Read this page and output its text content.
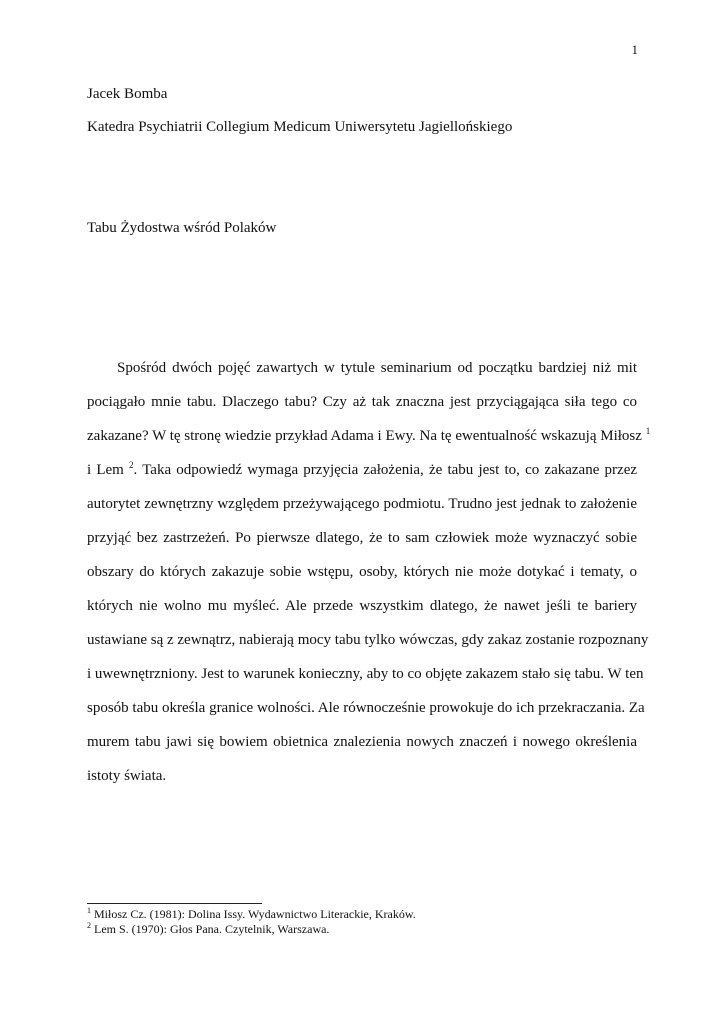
1
Jacek Bomba
Katedra Psychiatrii Collegium Medicum Uniwersytetu Jagiellońskiego
Tabu Żydostwa wśród Polaków
Spośród dwóch pojęć zawartych w tytule seminarium od początku bardziej niż mit
pociągało mnie tabu. Dlaczego tabu? Czy aż tak znaczna jest przyciągająca siła tego co
zakazane? W tę stronę wiedzie przykład Adama i Ewy. Na tę ewentualność wskazują Miłosz $^1$
i Lem $^2$. Taka odpowiedź wymaga przyjęcia założenia, że tabu jest to, co zakazane przez
autorytet zewnętrzny względem przeżywającego podmiotu. Trudno jest jednak to założenie
przyjąć bez zastrzeżeń. Po pierwsze dlatego, że to sam człowiek może wyznaczyć sobie
obszary do których zakazuje sobie wstępu, osoby, których nie może dotykać i tematy, o
których nie wolno mu myśleć. Ale przede wszystkim dlatego, że nawet jeśli te bariery
ustawiane są z zewnątrz, nabierają mocy tabu tylko wówczas, gdy zakaz zostanie rozpoznany
i uwewnętrzniony. Jest to warunek konieczny, aby to co objęte zakazem stało się tabu. W ten
sposób tabu określa granice wolności. Ale równocześnie prowokuje do ich przekraczania. Za
murem tabu jawi się bowiem obietnica znalezienia nowych znaczeń i nowego określenia
istoty świata.
$^1$ Miłosz Cz. (1981): Dolina Issy. Wydawnictwo Literackie, Kraków.
$^2$ Lem S. (1970): Głos Pana. Czytelnik, Warszawa.
